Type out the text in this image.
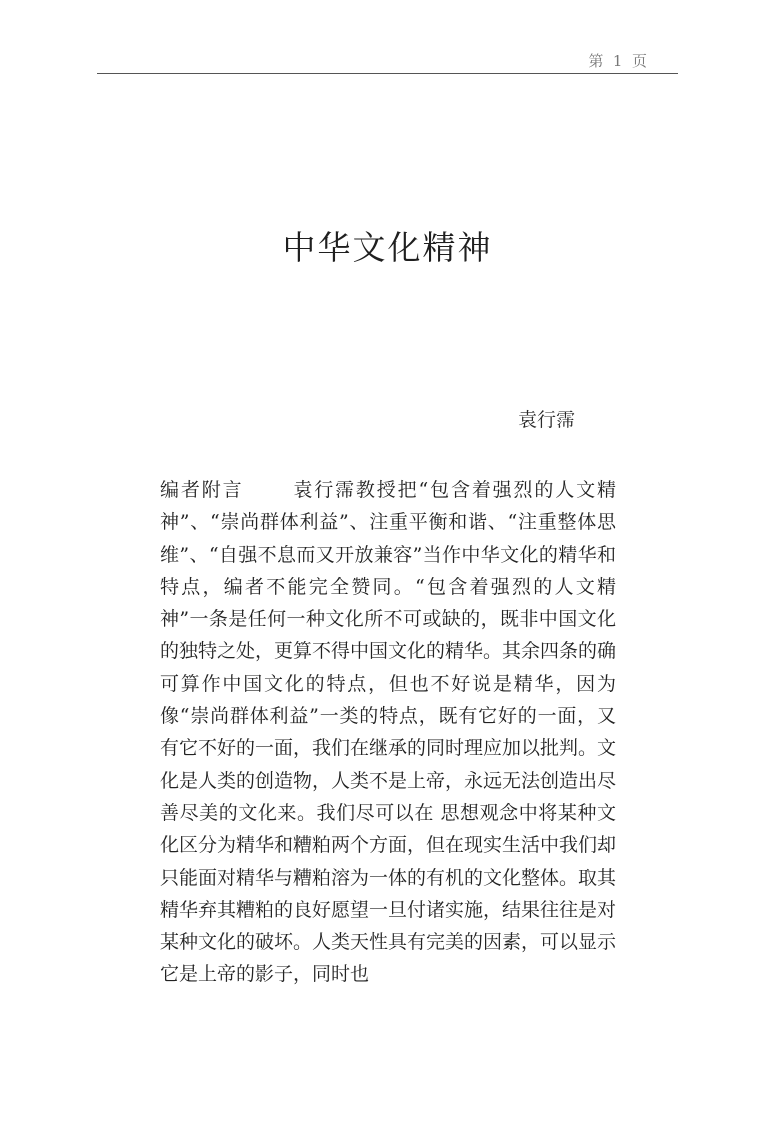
第  1  页
中华文化精神
袁行霈
编者附言	袁行霈教授把“包含着强烈的人文精神”、“崇尚群体利益”、注重平衡和谐、“注重整体思维”、“自强不息而又开放兼容”当作中华文化的精华和特点，编者不能完全赞同。“包含着强烈的人文精神”一条是任何一种文化所不可或缺的，既非中国文化的独特之处，更算不得中国文化的精华。其余四条的确可算作中国文化的特点，但也不好说是精华，因为像“崇尚群体利益”一类的特点，既有它好的一面，又有它不好的一面，我们在继承的同时理应加以批判。文化是人类的创造物，人类不是上帝，永远无法创造出尽善尽美的文化来。我们尽可以在 思想观念中将某种文化区分为精华和糟粕两个方面，但在现实生活中我们却只能面对精华与糟粕溶为一体的有机的文化整体。取其精华弃其糟粕的良好愿望一旦付诸实施，结果往往是对某种文化的破坏。人类天性具有完美的因素，可以显示它是上帝的影子，同时也
